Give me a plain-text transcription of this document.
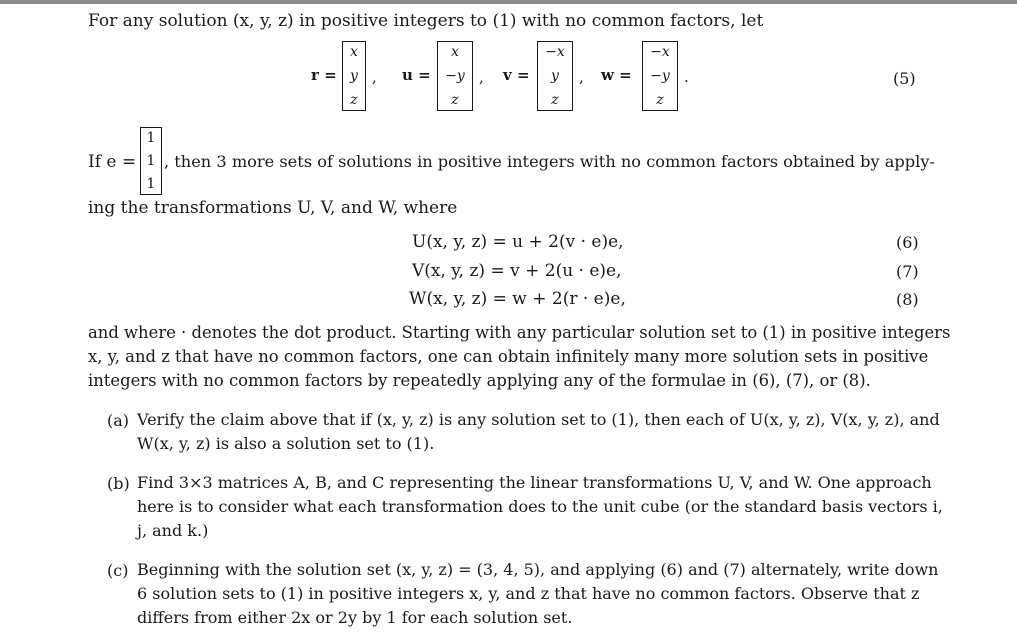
For any solution (x, y, z) in positive integers to (1) with no common factors, let
r =
x
y
z
, u =
x
−y
z
, v =
−x
y
z
, w =
−x
−y
z
.	(5)
If e =
1
1
1
, then 3 more sets of solutions in positive integers with no common factors obtained by apply-
ing the transformations U, V, and W, where
U(x, y, z) = u + 2(v · e)e,	(6)
V(x, y, z) = v + 2(u · e)e,	(7)
W(x, y, z) = w + 2(r · e)e,	(8)
and where · denotes the dot product. Starting with any particular solution set to (1) in positive integers
x, y, and z that have no common factors, one can obtain infinitely many more solution sets in positive
integers with no common factors by repeatedly applying any of the formulae in (6), (7), or (8).
(a) Verify the claim above that if (x, y, z) is any solution set to (1), then each of U(x, y, z), V(x, y, z), and
W(x, y, z) is also a solution set to (1).
(b) Find 3×3 matrices A, B, and C representing the linear transformations U, V, and W. One approach
here is to consider what each transformation does to the unit cube (or the standard basis vectors i,
j, and k.)
(c) Beginning with the solution set (x, y, z) = (3, 4, 5), and applying (6) and (7) alternately, write down
6 solution sets to (1) in positive integers x, y, and z that have no common factors. Observe that z
differs from either 2x or 2y by 1 for each solution set.
